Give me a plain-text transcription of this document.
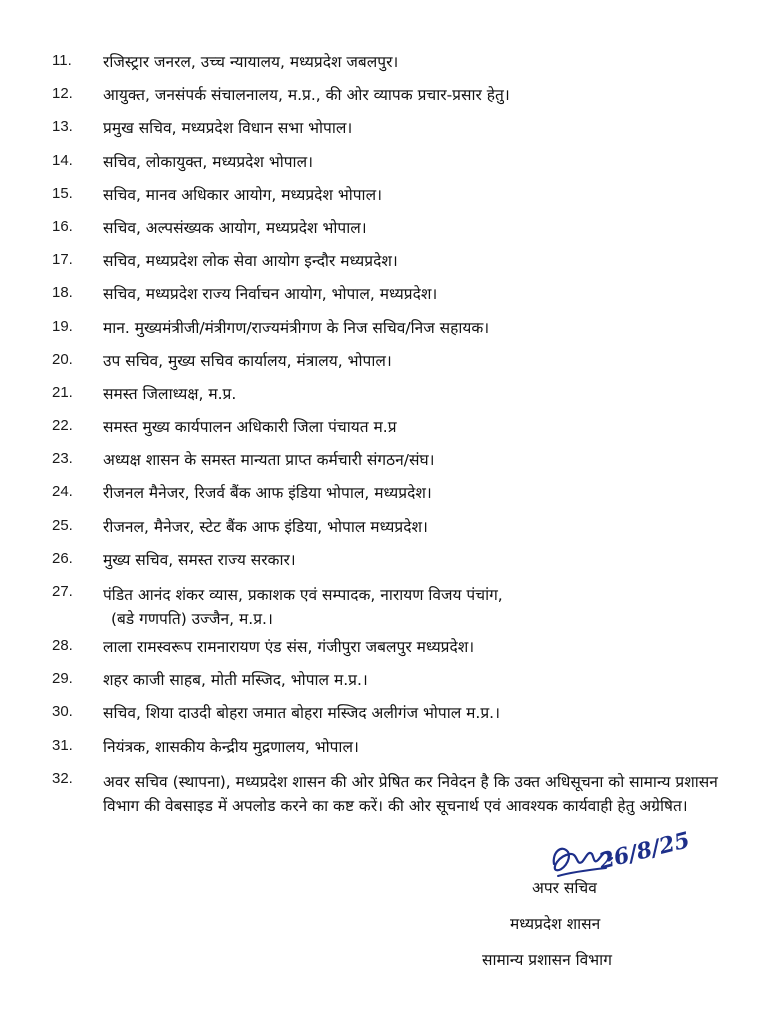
11.	रजिस्ट्रार जनरल, उच्च न्यायालय, मध्यप्रदेश जबलपुर।
12.	आयुक्त, जनसंपर्क संचालनालय, म.प्र., की ओर व्यापक प्रचार-प्रसार हेतु।
13.	प्रमुख सचिव, मध्यप्रदेश विधान सभा भोपाल।
14.	सचिव, लोकायुक्त, मध्यप्रदेश भोपाल।
15.	सचिव, मानव अधिकार आयोग, मध्यप्रदेश भोपाल।
16.	सचिव, अल्पसंख्यक आयोग, मध्यप्रदेश भोपाल।
17.	सचिव, मध्यप्रदेश लोक सेवा आयोग इन्दौर मध्यप्रदेश।
18.	सचिव, मध्यप्रदेश राज्य निर्वाचन आयोग, भोपाल, मध्यप्रदेश।
19.	मान. मुख्यमंत्रीजी/मंत्रीगण/राज्यमंत्रीगण के निज सचिव/निज सहायक।
20.	उप सचिव, मुख्य सचिव कार्यालय, मंत्रालय, भोपाल।
21.	समस्त जिलाध्यक्ष, म.प्र.
22.	समस्त मुख्य कार्यपालन अधिकारी जिला पंचायत म.प्र
23.	अध्यक्ष शासन के समस्त मान्यता प्राप्त कर्मचारी संगठन/संघ।
24.	रीजनल मैनेजर, रिजर्व बैंक आफ इंडिया भोपाल, मध्यप्रदेश।
25.	रीजनल, मैनेजर, स्टेट बैंक आफ इंडिया, भोपाल मध्यप्रदेश।
26.	मुख्य सचिव, समस्त राज्य सरकार।
27.	पंडित आनंद शंकर व्यास, प्रकाशक एवं सम्पादक, नारायण विजय पंचांग,
(बडे गणपति) उज्जैन, म.प्र.।
28.	लाला रामस्वरूप रामनारायण एंड संस, गंजीपुरा जबलपुर मध्यप्रदेश।
29.	शहर काजी साहब, मोती मस्जिद, भोपाल म.प्र.।
30.	सचिव, शिया दाउदी बोहरा जमात बोहरा मस्जिद अलीगंज भोपाल म.प्र.।
31.	नियंत्रक, शासकीय केन्द्रीय मुद्रणालय, भोपाल।
32.	अवर सचिव (स्थापना), मध्यप्रदेश शासन की ओर प्रेषित कर निवेदन है कि उक्त अधिसूचना को सामान्य प्रशासन विभाग की वेबसाइड में अपलोड करने का कष्ट करें। की ओर सूचनार्थ एवं आवश्यक कार्यवाही हेतु अग्रेषित।
26/8/25
अपर सचिव
मध्यप्रदेश शासन
सामान्य प्रशासन विभाग
